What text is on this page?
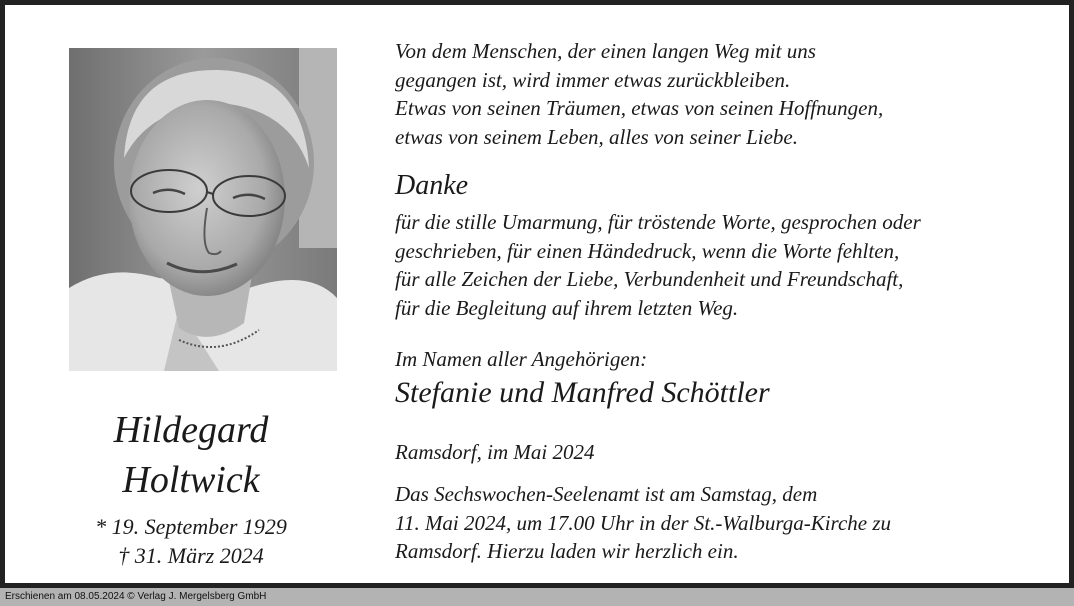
Hildegard
Holtwick
* 19. September 1929
† 31. März 2024
Von dem Menschen, der einen langen Weg mit uns
gegangen ist, wird immer etwas zurückbleiben.
Etwas von seinen Träumen, etwas von seinen Hoffnungen,
etwas von seinem Leben, alles von seiner Liebe.
Danke
für die stille Umarmung, für tröstende Worte, gesprochen oder
geschrieben, für einen Händedruck, wenn die Worte fehlten,
für alle Zeichen der Liebe, Verbundenheit und Freundschaft,
für die Begleitung auf ihrem letzten Weg.
Im Namen aller Angehörigen:
Stefanie und Manfred Schöttler
Ramsdorf, im Mai 2024
Das Sechswochen-Seelenamt ist am Samstag, dem
11. Mai 2024, um 17.00 Uhr in der St.-Walburga-Kirche zu
Ramsdorf. Hierzu laden wir herzlich ein.
Erschienen am 08.05.2024 © Verlag J. Mergelsberg GmbH
